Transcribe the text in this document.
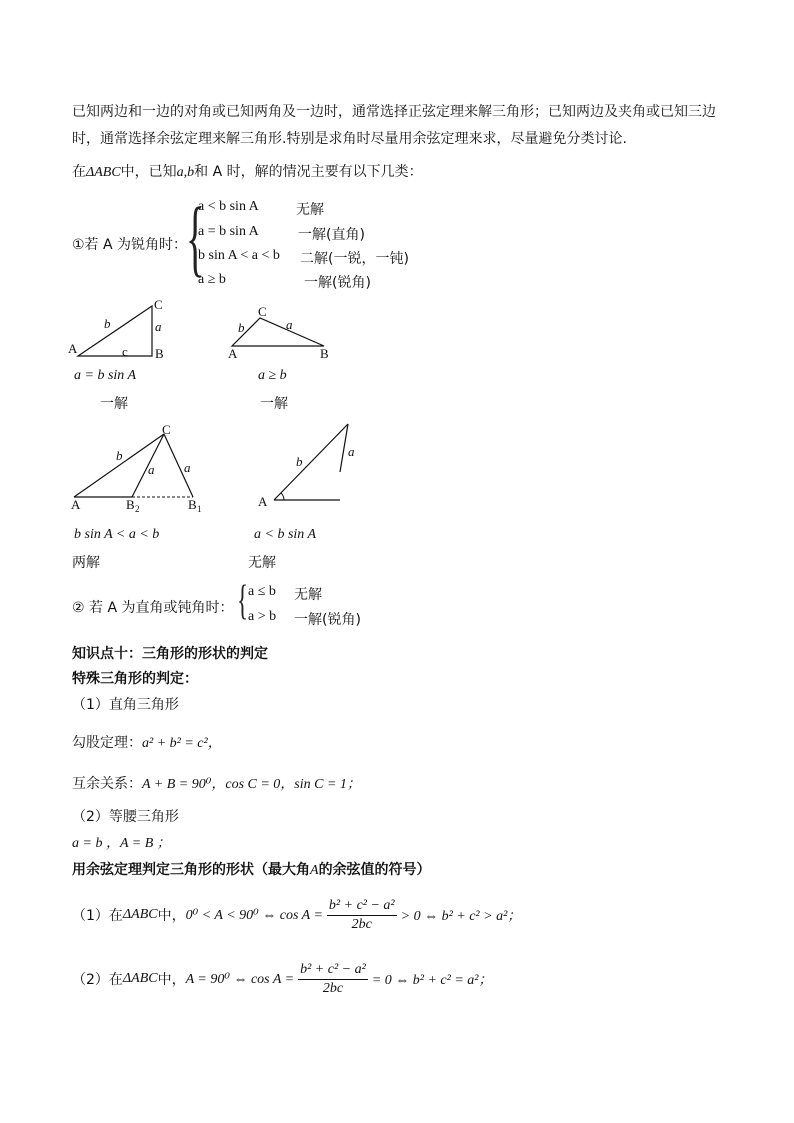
已知两边和一边的对角或已知两角及一边时，通常选择正弦定理来解三角形；已知两边及夹角或已知三边
时，通常选择余弦定理来解三角形.特别是求角时尽量用余弦定理来求，尽量避免分类讨论.
在ΔABC中，已知a,b和 A 时，解的情况主要有以下几类：
①若 A 为锐角时：
{
a < b sin A	无解
a = b sin A	一解(直角)
b sin A < a < b 二解(一锐，一钝)
a ≥ b	一解(锐角)
C
A	B
b	a
c
a = b sin A
一解
C
A	B
b	a
a ≥ b
一解
C
A	B 2	B 1
b
a a
b sin A < a < b
两解
A
b
a
a < b sin A
无解
② 若 A 为直角或钝角时： { a ≤ b 无解
a > b 一解(锐角)
知识点十：三角形的形状的判定
特殊三角形的判定：
（1）直角三角形
勾股定理：a² + b² = c²，
互余关系：A + B = 90⁰，cos C = 0，sin C = 1；
（2）等腰三角形
a = b ，A = B ；
用余弦定理判定三角形的形状（最大角A的余弦值的符号）
（1）在 ΔABC 中， 0⁰ < A < 90⁰ ⇔ $\cos A = \frac{\text{b² + c² − a²}}{2bc} > 0$ ⇔ b² + c² > a²；
（2）在 ΔABC 中， A = 90⁰ ⇔ $\cos A = \frac{\text{b² + c² − a²}}{2bc} = 0$ ⇔ b² + c² = a²；
